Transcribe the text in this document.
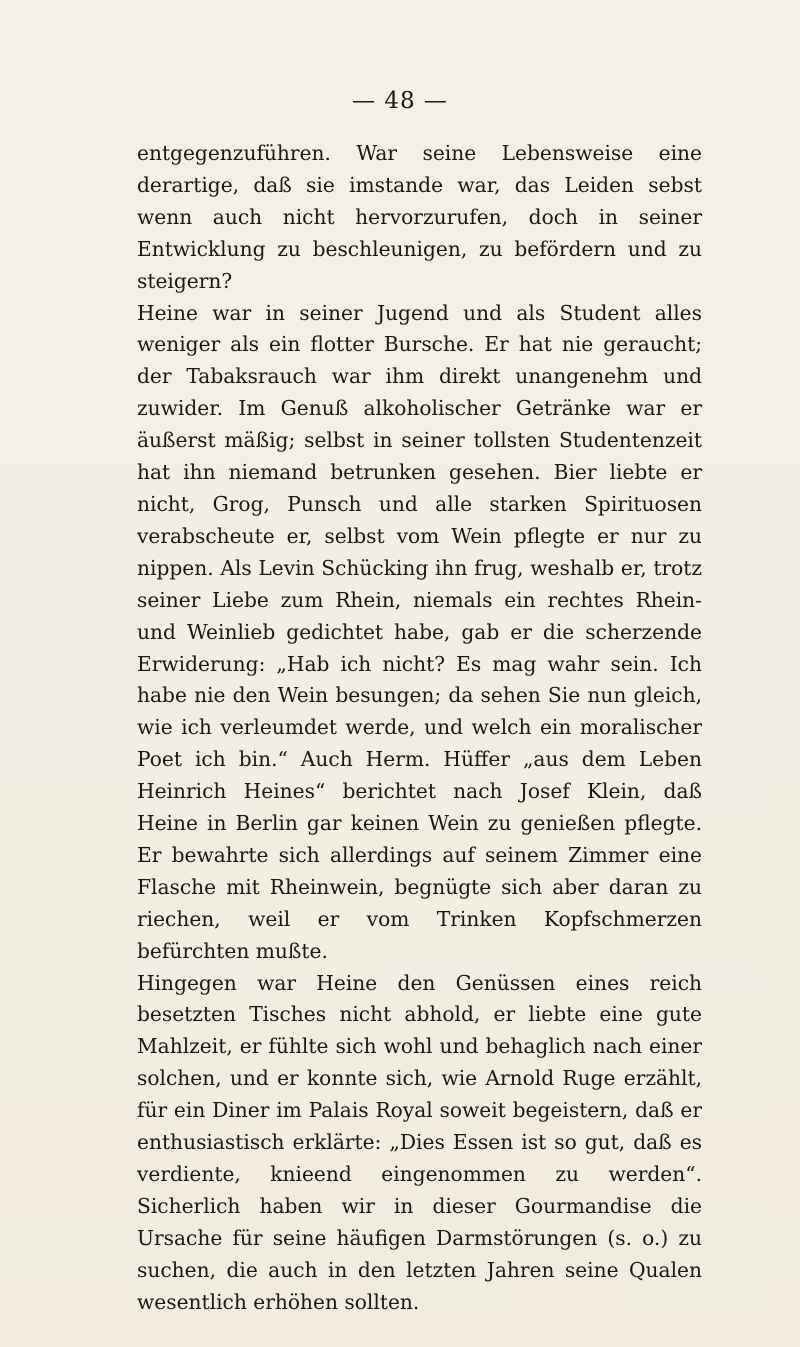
— 48 —

entgegenzuführen. War seine Lebensweise eine derartige, daß sie imstande war, das Leiden sebst wenn auch nicht hervorzurufen, doch in seiner Entwicklung zu beschleunigen, zu befördern und zu steigern?

Heine war in seiner Jugend und als Student alles weniger als ein flotter Bursche. Er hat nie geraucht; der Tabaksrauch war ihm direkt unangenehm und zuwider. Im Genuß alkoholischer Getränke war er äußerst mäßig; selbst in seiner tollsten Studentenzeit hat ihn niemand betrunken gesehen. Bier liebte er nicht, Grog, Punsch und alle starken Spirituosen verabscheute er, selbst vom Wein pflegte er nur zu nippen. Als Levin Schücking ihn frug, weshalb er, trotz seiner Liebe zum Rhein, niemals ein rechtes Rhein- und Weinlieb gedichtet habe, gab er die scherzende Erwiderung: „Hab ich nicht? Es mag wahr sein. Ich habe nie den Wein besungen; da sehen Sie nun gleich, wie ich verleumdet werde, und welch ein moralischer Poet ich bin.“ Auch Herm. Hüffer „aus dem Leben Heinrich Heines“ berichtet nach Josef Klein, daß Heine in Berlin gar keinen Wein zu genießen pflegte. Er bewahrte sich allerdings auf seinem Zimmer eine Flasche mit Rheinwein, begnügte sich aber daran zu riechen, weil er vom Trinken Kopfschmerzen befürchten mußte.

Hingegen war Heine den Genüssen eines reich besetzten Tisches nicht abhold, er liebte eine gute Mahlzeit, er fühlte sich wohl und behaglich nach einer solchen, und er konnte sich, wie Arnold Ruge erzählt, für ein Diner im Palais Royal soweit begeistern, daß er enthusiastisch erklärte: „Dies Essen ist so gut, daß es verdiente, knieend eingenommen zu werden“. Sicherlich haben wir in dieser Gourmandise die Ursache für seine häufigen Darmstörungen (s. o.) zu suchen, die auch in den letzten Jahren seine Qualen wesentlich erhöhen sollten.
